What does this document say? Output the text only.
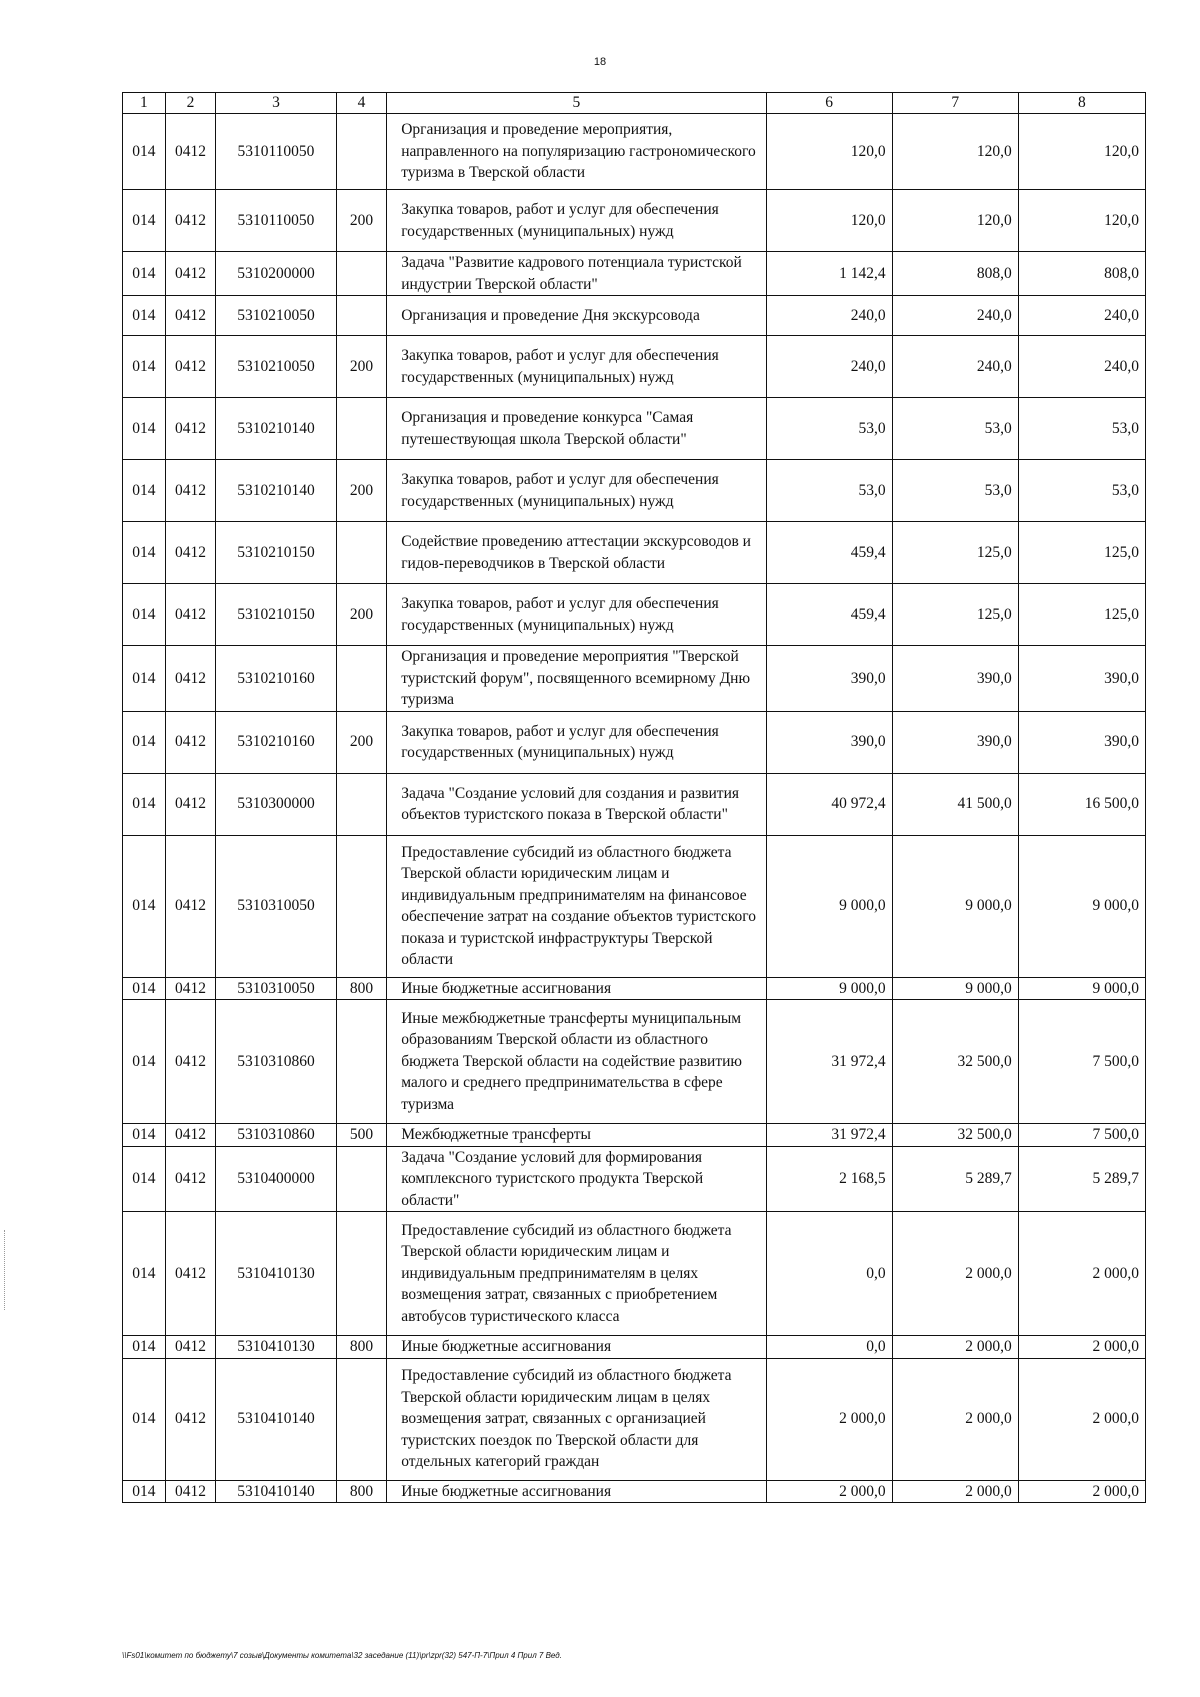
18
1	2	3	4	5	6	7	8
014	0412	5310110050		Организация и проведение мероприятия, направленного на популяризацию гастрономического туризма в Тверской области	120,0	120,0	120,0
014	0412	5310110050	200	Закупка товаров, работ и услуг для обеспечения государственных (муниципальных) нужд	120,0	120,0	120,0
014	0412	5310200000		Задача "Развитие кадрового потенциала туристской индустрии Тверской области"	1 142,4	808,0	808,0
014	0412	5310210050		Организация и проведение Дня экскурсовода	240,0	240,0	240,0
014	0412	5310210050	200	Закупка товаров, работ и услуг для обеспечения государственных (муниципальных) нужд	240,0	240,0	240,0
014	0412	5310210140		Организация и проведение конкурса "Самая путешествующая школа Тверской области"	53,0	53,0	53,0
014	0412	5310210140	200	Закупка товаров, работ и услуг для обеспечения государственных (муниципальных) нужд	53,0	53,0	53,0
014	0412	5310210150		Содействие проведению аттестации экскурсоводов и гидов-переводчиков в Тверской области	459,4	125,0	125,0
014	0412	5310210150	200	Закупка товаров, работ и услуг для обеспечения государственных (муниципальных) нужд	459,4	125,0	125,0
014	0412	5310210160		Организация и проведение мероприятия "Тверской туристский форум", посвященного всемирному Дню туризма	390,0	390,0	390,0
014	0412	5310210160	200	Закупка товаров, работ и услуг для обеспечения государственных (муниципальных) нужд	390,0	390,0	390,0
014	0412	5310300000		Задача "Создание условий для создания и развития объектов туристского показа в Тверской области"	40 972,4	41 500,0	16 500,0
014	0412	5310310050		Предоставление субсидий из областного бюджета Тверской области юридическим лицам и индивидуальным предпринимателям на финансовое обеспечение затрат на создание объектов туристского показа и туристской инфраструктуры Тверской области	9 000,0	9 000,0	9 000,0
014	0412	5310310050	800	Иные бюджетные ассигнования	9 000,0	9 000,0	9 000,0
014	0412	5310310860		Иные межбюджетные трансферты муниципальным образованиям Тверской области из областного бюджета Тверской области на содействие развитию малого и среднего предпринимательства в сфере туризма	31 972,4	32 500,0	7 500,0
014	0412	5310310860	500	Межбюджетные трансферты	31 972,4	32 500,0	7 500,0
014	0412	5310400000		Задача "Создание условий для формирования комплексного туристского продукта Тверской области"	2 168,5	5 289,7	5 289,7
014	0412	5310410130		Предоставление субсидий из областного бюджета Тверской области юридическим лицам и индивидуальным предпринимателям в целях возмещения затрат, связанных с приобретением автобусов туристического класса	0,0	2 000,0	2 000,0
014	0412	5310410130	800	Иные бюджетные ассигнования	0,0	2 000,0	2 000,0
014	0412	5310410140		Предоставление субсидий из областного бюджета Тверской области юридическим лицам в целях возмещения затрат, связанных с организацией туристских поездок по Тверской области для отдельных категорий граждан	2 000,0	2 000,0	2 000,0
014	0412	5310410140	800	Иные бюджетные ассигнования	2 000,0	2 000,0	2 000,0
\\Fs01\комитет по бюджету\7 созыв\Документы комитета\32 заседание (11)\pr\zpr(32) 547-П-7\Прил 4 Прил 7 Вед.
